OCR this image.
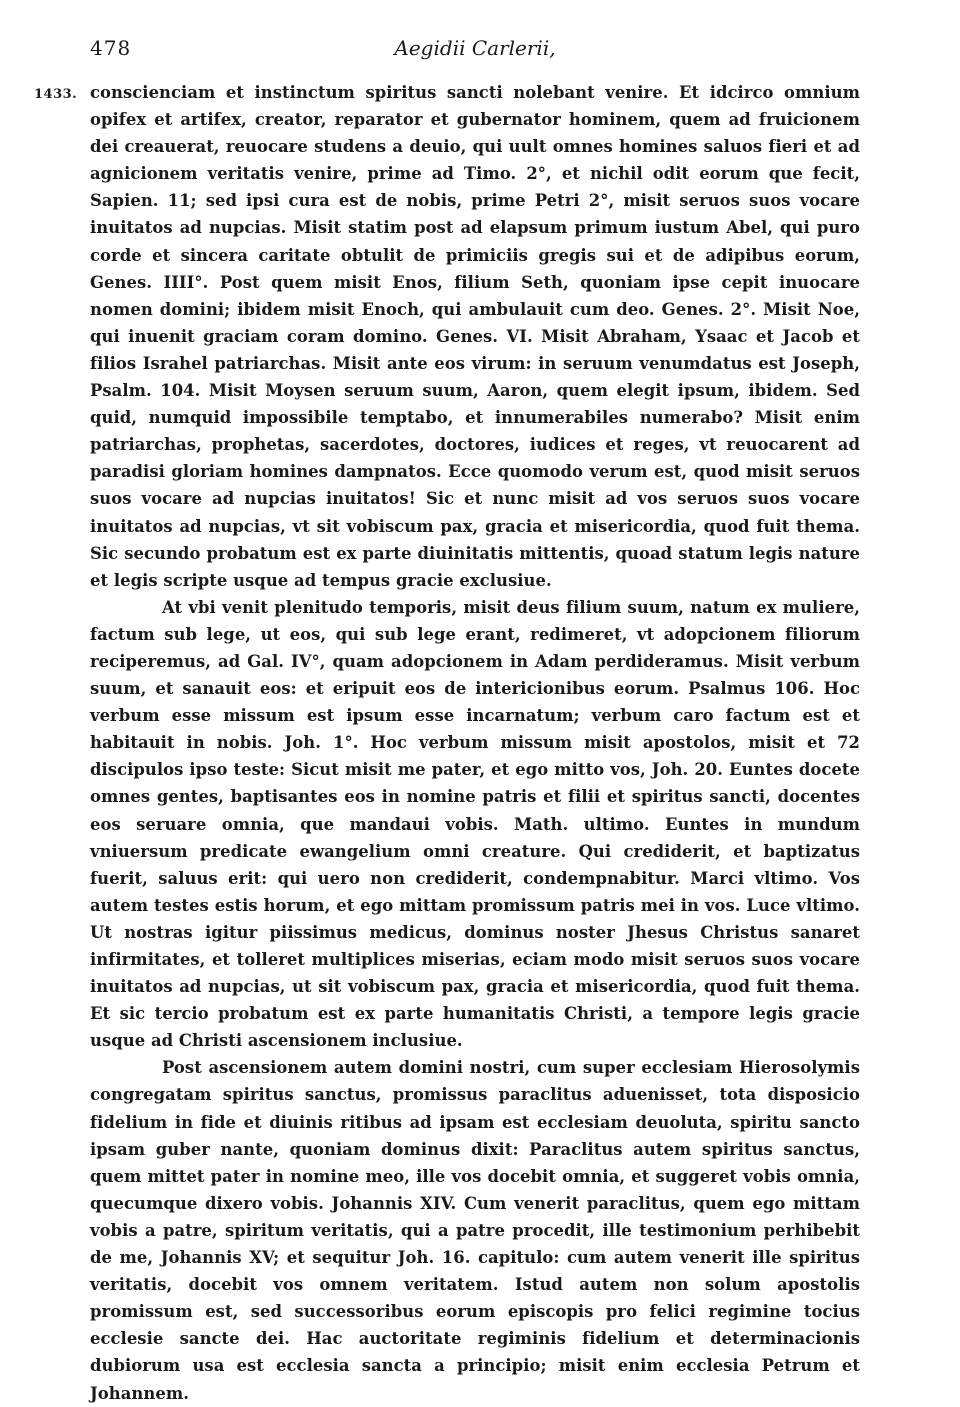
478	Aegidii Carlerii,
1433. conscienciam et instinctum spiritus sancti nolebant venire. Et idcirco omnium opifex et artifex, creator, reparator et gubernator hominem, quem ad fruicionem dei creauerat, reuocare studens a deuio, qui uult omnes homines saluos fieri et ad agnicionem veritatis venire, prime ad Timo. 2°, et nichil odit eorum que fecit, Sapien. 11; sed ipsi cura est de nobis, prime Petri 2°, misit seruos suos vocare inuitatos ad nupcias. Misit statim post ad elapsum primum iustum Abel, qui puro corde et sincera caritate obtulit de primiciis gregis sui et de adipibus eorum, Genes. IIII°. Post quem misit Enos, filium Seth, quoniam ipse cepit inuocare nomen domini; ibidem misit Enoch, qui ambulauit cum deo. Genes. 2°. Misit Noe, qui inuenit graciam coram domino. Genes. VI. Misit Abraham, Ysaac et Jacob et filios Israhel patriarchas. Misit ante eos virum: in seruum venumdatus est Joseph, Psalm. 104. Misit Moysen seruum suum, Aaron, quem elegit ipsum, ibidem. Sed quid, numquid impossibile temptabo, et innumerabiles numerabo? Misit enim patriarchas, prophetas, sacerdotes, doctores, iudices et reges, vt reuocarent ad paradisi gloriam homines dampnatos. Ecce quomodo verum est, quod misit seruos suos vocare ad nupcias inuitatos! Sic et nunc misit ad vos seruos suos vocare inuitatos ad nupcias, vt sit vobiscum pax, gracia et misericordia, quod fuit thema. Sic secundo probatum est ex parte diuinitatis mittentis, quoad statum legis nature et legis scripte usque ad tempus gracie exclusiue.

At vbi venit plenitudo temporis, misit deus filium suum, natum ex muliere, factum sub lege, ut eos, qui sub lege erant, redimeret, vt adopcionem filiorum reciperemus, ad Gal. IV°, quam adopcionem in Adam perdideramus. Misit verbum suum, et sanauit eos: et eripuit eos de intericionibus eorum. Psalmus 106. Hoc verbum esse missum est ipsum esse incarnatum; verbum caro factum est et habitauit in nobis. Joh. 1°. Hoc verbum missum misit apostolos, misit et 72 discipulos ipso teste: Sicut misit me pater, et ego mitto vos, Joh. 20. Euntes docete omnes gentes, baptisantes eos in nomine patris et filii et spiritus sancti, docentes eos seruare omnia, que mandaui vobis. Math. ultimo. Euntes in mundum vniuersum predicate ewangelium omni creature. Qui crediderit, et baptizatus fuerit, saluus erit: qui uero non crediderit, condempnabitur. Marci vltimo. Vos autem testes estis horum, et ego mittam promissum patris mei in vos. Luce vltimo. Ut nostras igitur piissimus medicus, dominus noster Jhesus Christus sanaret infirmitates, et tolleret multiplices miserias, eciam modo misit seruos suos vocare inuitatos ad nupcias, ut sit vobiscum pax, gracia et misericordia, quod fuit thema. Et sic tercio probatum est ex parte humanitatis Christi, a tempore legis gracie usque ad Christi ascensionem inclusiue.

Post ascensionem autem domini nostri, cum super ecclesiam Hierosolymis congregatam spiritus sanctus, promissus paraclitus aduenisset, tota disposicio fidelium in fide et diuinis ritibus ad ipsam est ecclesiam deuoluta, spiritu sancto ipsam guber nante, quoniam dominus dixit: Paraclitus autem spiritus sanctus, quem mittet pater in nomine meo, ille vos docebit omnia, et suggeret vobis omnia, quecumque dixero vobis. Johannis XIV. Cum venerit paraclitus, quem ego mittam vobis a patre, spiritum veritatis, qui a patre procedit, ille testimonium perhibebit de me, Johannis XV; et sequitur Joh. 16. capitulo: cum autem venerit ille spiritus veritatis, docebit vos omnem veritatem. Istud autem non solum apostolis promissum est, sed successoribus eorum episcopis pro felici regimine tocius ecclesie sancte dei. Hac auctoritate regiminis fidelium et determinacionis dubiorum usa est ecclesia sancta a principio; misit enim ecclesia Petrum et Johannem.
